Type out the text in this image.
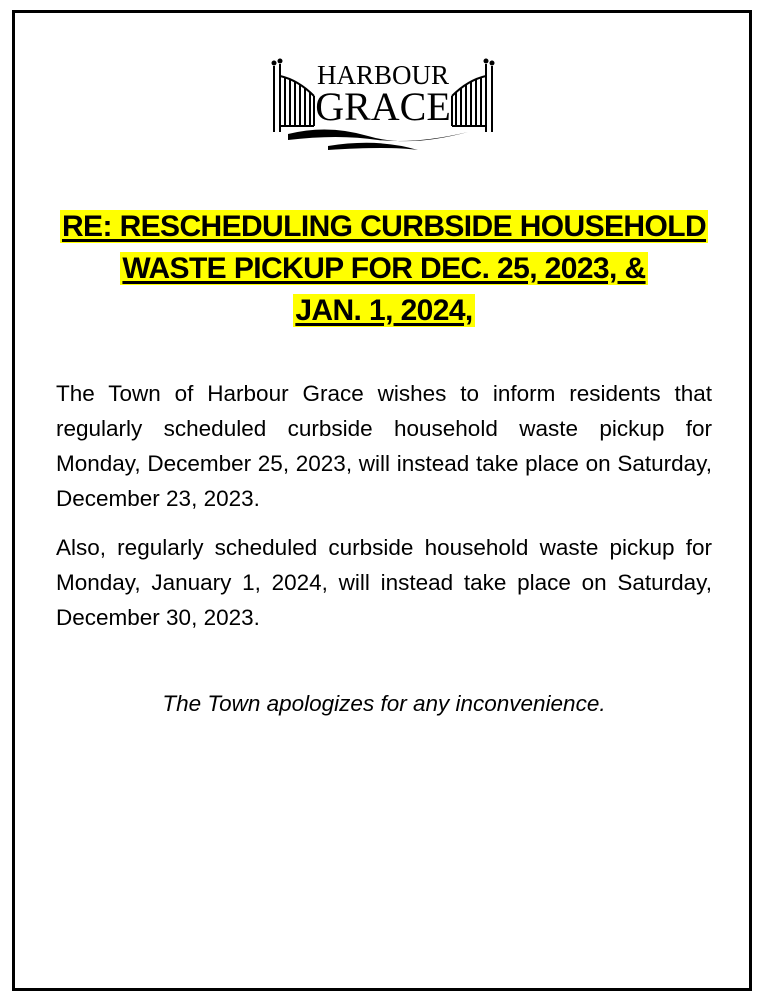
HARBOUR
GRACE
RE: RESCHEDULING CURBSIDE HOUSEHOLD
WASTE PICKUP FOR DEC. 25, 2023, &
JAN. 1, 2024,

The Town of Harbour Grace wishes to inform residents that regularly scheduled curbside household waste pickup for Monday, December 25, 2023, will instead take place on Saturday, December 23, 2023.

Also, regularly scheduled curbside household waste pickup for Monday, January 1, 2024, will instead take place on Saturday, December 30, 2023.

The Town apologizes for any inconvenience.
